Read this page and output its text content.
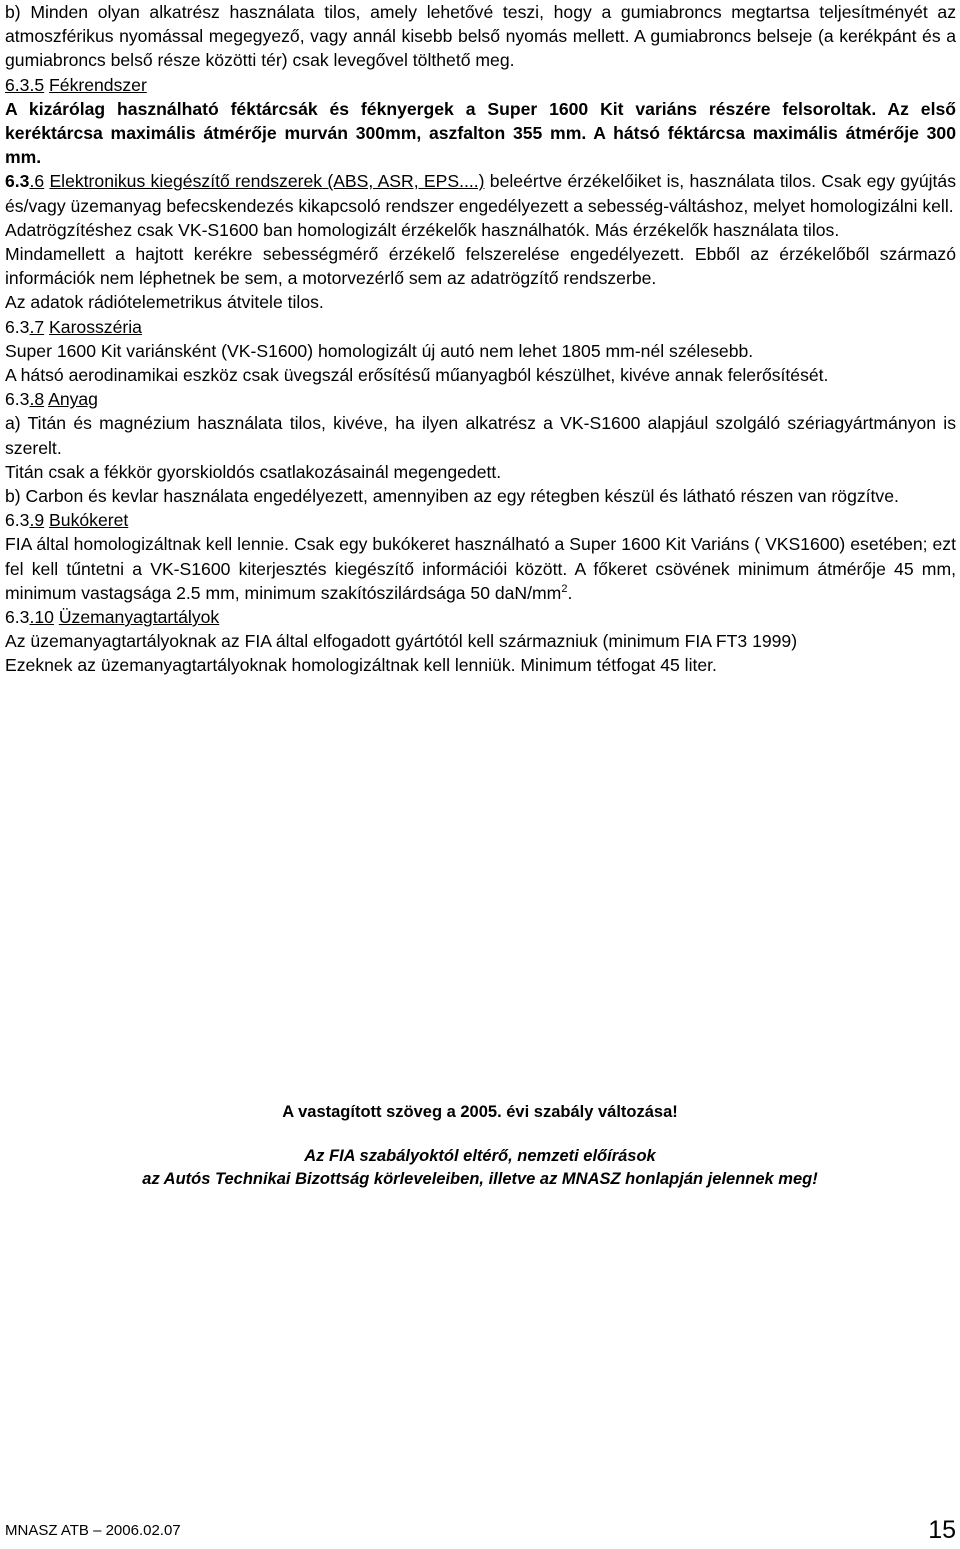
b) Minden olyan alkatrész használata tilos, amely lehetővé teszi, hogy a gumiabroncs megtartsa teljesítményét az atmoszférikus nyomással megegyező, vagy annál kisebb belső nyomás mellett. A gumiabroncs belseje (a kerékpánt és a gumiabroncs belső része közötti tér) csak levegővel tölthető meg.

6.3.5 Fékrendszer

A kizárólag használható féktárcsák és féknyergek a Super 1600 Kit variáns részére felsoroltak. Az első keréktárcsa maximális átmérője murván 300mm, aszfalton 355 mm. A hátsó féktárcsa maximális átmérője 300 mm.

6.3.6 Elektronikus kiegészítő rendszerek (ABS, ASR, EPS....) beleértve érzékelőiket is, használata tilos. Csak egy gyújtás és/vagy üzemanyag befecskendezés kikapcsoló rendszer engedélyezett a sebesség-váltáshoz, melyet homologizálni kell.

Adatrögzítéshez csak VK-S1600 ban homologizált érzékelők használhatók. Más érzékelők használata tilos.

Mindamellett a hajtott kerékre sebességmérő érzékelő felszerelése engedélyezett. Ebből az érzékelőből származó információk nem léphetnek be sem, a motorvezérlő sem az adatrögzítő rendszerbe.

Az adatok rádiótelemetrikus átvitele tilos.

6.3.7 Karosszéria

Super 1600 Kit variánsként (VK-S1600) homologizált új autó nem lehet 1805 mm-nél szélesebb.

A hátsó aerodinamikai eszköz csak üvegszál erősítésű műanyagból készülhet, kivéve annak felerősítését.

6.3.8 Anyag

a) Titán és magnézium használata tilos, kivéve, ha ilyen alkatrész a VK-S1600 alapjául szolgáló szériagyártmányon is szerelt.

Titán csak a fékkör gyorskioldós csatlakozásainál megengedett.

b) Carbon és kevlar használata engedélyezett, amennyiben az egy rétegben készül és látható részen van rögzítve.

6.3.9 Bukókeret

FIA által homologizáltnak kell lennie. Csak egy bukókeret használható a Super 1600 Kit Variáns ( VKS1600) esetében; ezt fel kell tűntetni a VK-S1600 kiterjesztés kiegészítő információi között. A főkeret csövének minimum átmérője 45 mm, minimum vastagsága 2.5 mm, minimum szakítószilárdsága 50 daN/$mm^2$.

6.3.10 Üzemanyagtartályok

Az üzemanyagtartályoknak az FIA által elfogadott gyártótól kell származniuk (minimum FIA FT3 1999)

Ezeknek az üzemanyagtartályoknak homologizáltnak kell lenniük. Minimum tétfogat 45 liter.

A vastagított szöveg a 2005. évi szabály változása!

Az FIA szabályoktól eltérő, nemzeti előírások

az Autós Technikai Bizottság körleveleiben, illetve az MNASZ honlapján jelennek meg!

MNASZ ATB – 2006.02.07	15
